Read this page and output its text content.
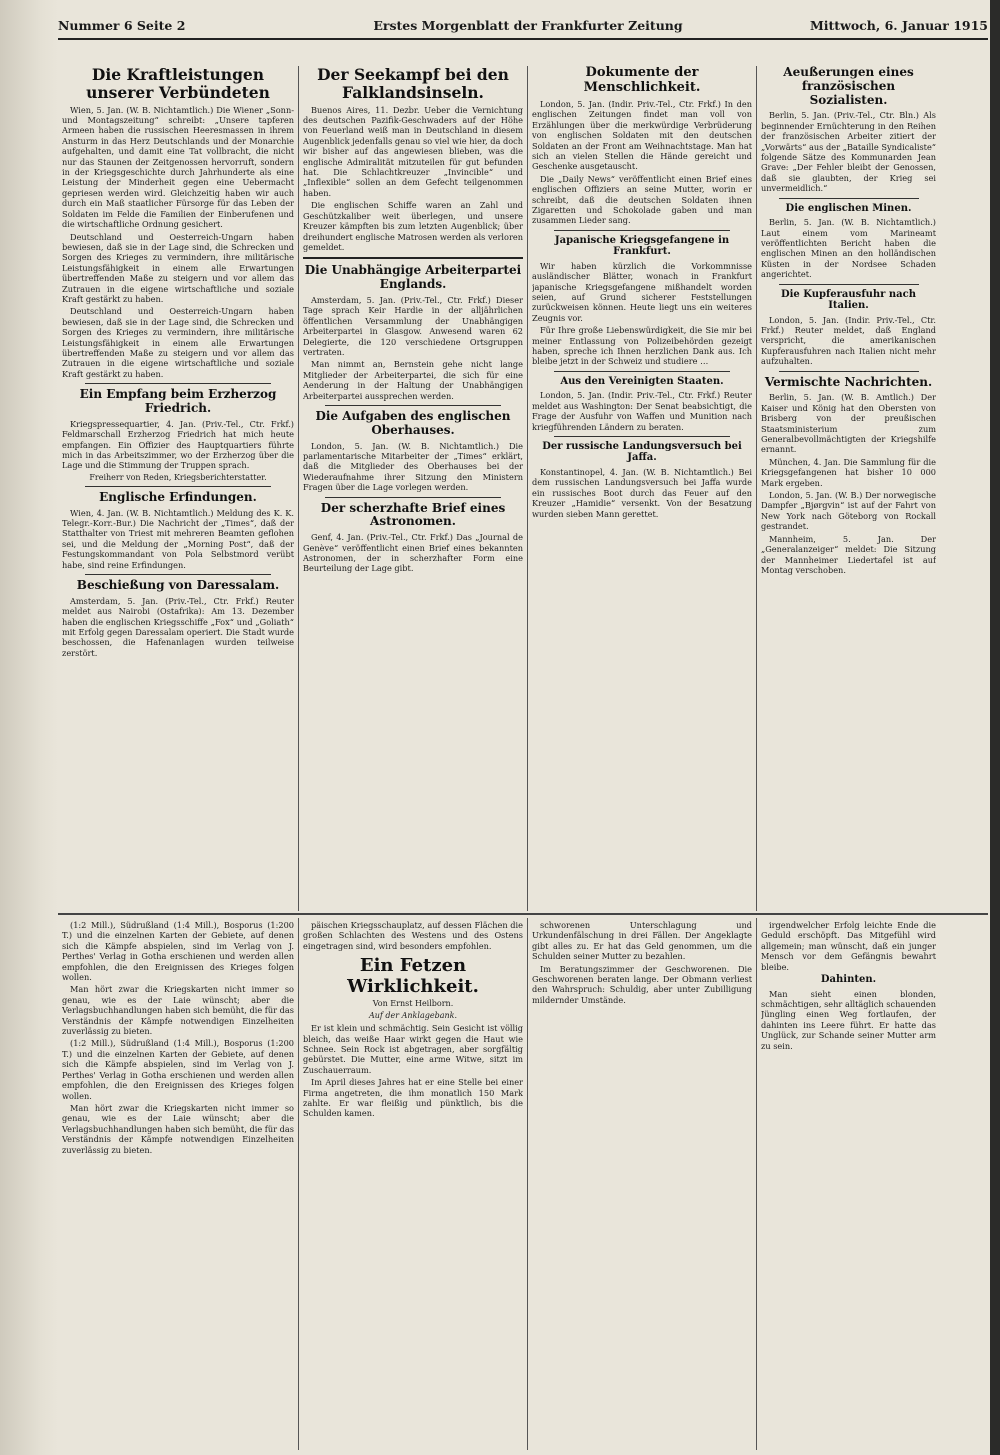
Nummer 6 Seite 2	Erstes Morgenblatt der Frankfurter Zeitung	Mittwoch, 6. Januar 1915
Die Kraftleistungen unserer Verbündeten

Wien, 5. Jan. (W. B. Nichtamtlich.) Die Wiener „Sonn- und Montagszeitung“ schreibt: „Unsere tapferen Armeen haben die russischen Heeresmassen in ihrem Ansturm in das Herz Deutschlands und der Monarchie aufgehalten, und damit eine Tat vollbracht, die nicht nur das Staunen der Zeitgenossen hervorruft, sondern in der Kriegsgeschichte durch Jahrhunderte als eine Leistung der Minderheit gegen eine Uebermacht gepriesen werden wird. Gleichzeitig haben wir auch durch ein Maß staatlicher Fürsorge für das Leben der Soldaten im Felde die Familien der Einberufenen und die wirtschaftliche Ordnung gesichert.

Deutschland und Oesterreich-Ungarn haben bewiesen, daß sie in der Lage sind, die Schrecken und Sorgen des Krieges zu vermindern, ihre militärische Leistungsfähigkeit in einem alle Erwartungen übertreffenden Maße zu steigern und vor allem das Zutrauen in die eigene wirtschaftliche und soziale Kraft gestärkt zu haben.

Deutschland und Oesterreich-Ungarn haben bewiesen, daß sie in der Lage sind, die Schrecken und Sorgen des Krieges zu vermindern, ihre militärische Leistungsfähigkeit in einem alle Erwartungen übertreffenden Maße zu steigern und vor allem das Zutrauen in die eigene wirtschaftliche und soziale Kraft gestärkt zu haben.

Ein Empfang beim Erzherzog Friedrich.

Kriegspressequartier, 4. Jan. (Priv.-Tel., Ctr. Frkf.) Feldmarschall Erzherzog Friedrich hat mich heute empfangen. Ein Offizier des Hauptquartiers führte mich in das Arbeitszimmer, wo der Erzherzog über die Lage und die Stimmung der Truppen sprach.

Freiherr von Reden, Kriegsberichterstatter.
Englische Erfindungen.

Wien, 4. Jan. (W. B. Nichtamtlich.) Meldung des K. K. Telegr.-Korr.-Bur.) Die Nachricht der „Times“, daß der Statthalter von Triest mit mehreren Beamten geflohen sei, und die Meldung der „Morning Post“, daß der Festungskommandant von Pola Selbstmord verübt habe, sind reine Erfindungen.

Beschießung von Daressalam.

Amsterdam, 5. Jan. (Priv.-Tel., Ctr. Frkf.) Reuter meldet aus Nairobi (Ostafrika): Am 13. Dezember haben die englischen Kriegsschiffe „Fox“ und „Goliath“ mit Erfolg gegen Daressalam operiert. Die Stadt wurde beschossen, die Hafenanlagen wurden teilweise zerstört.

Der Seekampf bei den Falklandsinseln.

Buenos Aires, 11. Dezbr. Ueber die Vernichtung des deutschen Pazifik-Geschwaders auf der Höhe von Feuerland weiß man in Deutschland in diesem Augenblick jedenfalls genau so viel wie hier, da doch wir bisher auf das angewiesen blieben, was die englische Admiralität mitzuteilen für gut befunden hat. Die Schlachtkreuzer „Invincible“ und „Inflexible“ sollen an dem Gefecht teilgenommen haben.

Die englischen Schiffe waren an Zahl und Geschützkaliber weit überlegen, und unsere Kreuzer kämpften bis zum letzten Augenblick; über dreihundert englische Matrosen werden als verloren gemeldet.

Die Unabhängige Arbeiterpartei Englands.

Amsterdam, 5. Jan. (Priv.-Tel., Ctr. Frkf.) Dieser Tage sprach Keir Hardie in der alljährlichen öffentlichen Versammlung der Unabhängigen Arbeiterpartei in Glasgow. Anwesend waren 62 Delegierte, die 120 verschiedene Ortsgruppen vertraten.

Man nimmt an, Bernstein gehe nicht lange Mitglieder der Arbeiterpartei, die sich für eine Aenderung in der Haltung der Unabhängigen Arbeiterpartei aussprechen werden.

Die Aufgaben des englischen Oberhauses.

London, 5. Jan. (W. B. Nichtamtlich.) Die parlamentarische Mitarbeiter der „Times“ erklärt, daß die Mitglieder des Oberhauses bei der Wiederaufnahme ihrer Sitzung den Ministern Fragen über die Lage vorlegen werden.

Der scherzhafte Brief eines Astronomen.

Genf, 4. Jan. (Priv.-Tel., Ctr. Frkf.) Das „Journal de Genève“ veröffentlicht einen Brief eines bekannten Astronomen, der in scherzhafter Form eine Beurteilung der Lage gibt.

Dokumente der Menschlichkeit.

London, 5. Jan. (Indir. Priv.-Tel., Ctr. Frkf.) In den englischen Zeitungen findet man voll von Erzählungen über die merkwürdige Verbrüderung von englischen Soldaten mit den deutschen Soldaten an der Front am Weihnachtstage. Man hat sich an vielen Stellen die Hände gereicht und Geschenke ausgetauscht.

Die „Daily News“ veröffentlicht einen Brief eines englischen Offiziers an seine Mutter, worin er schreibt, daß die deutschen Soldaten ihnen Zigaretten und Schokolade gaben und man zusammen Lieder sang.

Japanische Kriegsgefangene in Frankfurt.

Wir haben kürzlich die Vorkommnisse ausländischer Blätter, wonach in Frankfurt japanische Kriegsgefangene mißhandelt worden seien, auf Grund sicherer Feststellungen zurückweisen können. Heute liegt uns ein weiteres Zeugnis vor.

Für Ihre große Liebenswürdigkeit, die Sie mir bei meiner Entlassung von Polizeibehörden gezeigt haben, spreche ich Ihnen herzlichen Dank aus. Ich bleibe jetzt in der Schweiz und studiere …

Aus den Vereinigten Staaten.

London, 5. Jan. (Indir. Priv.-Tel., Ctr. Frkf.) Reuter meldet aus Washington: Der Senat beabsichtigt, die Frage der Ausfuhr von Waffen und Munition nach kriegführenden Ländern zu beraten.

Der russische Landungsversuch bei Jaffa.

Konstantinopel, 4. Jan. (W. B. Nichtamtlich.) Bei dem russischen Landungsversuch bei Jaffa wurde ein russisches Boot durch das Feuer auf den Kreuzer „Hamidie“ versenkt. Von der Besatzung wurden sieben Mann gerettet.

Aeußerungen eines französischen Sozialisten.

Berlin, 5. Jan. (Priv.-Tel., Ctr. Bln.) Als beginnender Ernüchterung in den Reihen der französischen Arbeiter zitiert der „Vorwärts“ aus der „Bataille Syndicaliste“ folgende Sätze des Kommunarden Jean Grave: „Der Fehler bleibt der Genossen, daß sie glaubten, der Krieg sei unvermeidlich.“

Die englischen Minen.

Berlin, 5. Jan. (W. B. Nichtamtlich.) Laut einem vom Marineamt veröffentlichten Bericht haben die englischen Minen an den holländischen Küsten in der Nordsee Schaden angerichtet.

Die Kupferausfuhr nach Italien.

London, 5. Jan. (Indir. Priv.-Tel., Ctr. Frkf.) Reuter meldet, daß England verspricht, die amerikanischen Kupferausfuhren nach Italien nicht mehr aufzuhalten.

Vermischte Nachrichten.

Berlin, 5. Jan. (W. B. Amtlich.) Der Kaiser und König hat den Obersten von Brisberg von der preußischen Staatsministerium zum Generalbevollmächtigten der Kriegshilfe ernannt.

München, 4. Jan. Die Sammlung für die Kriegsgefangenen hat bisher 10 000 Mark ergeben.

London, 5. Jan. (W. B.) Der norwegische Dampfer „Bjørgvin“ ist auf der Fahrt von New York nach Göteborg von Rockall gestrandet.

Mannheim, 5. Jan. Der „Generalanzeiger“ meldet: Die Sitzung der Mannheimer Liedertafel ist auf Montag verschoben.

(1:2 Mill.), Südrußland (1:4 Mill.), Bosporus (1:200 T.) und die einzelnen Karten der Gebiete, auf denen sich die Kämpfe abspielen, sind im Verlag von J. Perthes' Verlag in Gotha erschienen und werden allen empfohlen, die den Ereignissen des Krieges folgen wollen.

Man hört zwar die Kriegskarten nicht immer so genau, wie es der Laie wünscht; aber die Verlagsbuchhandlungen haben sich bemüht, die für das Verständnis der Kämpfe notwendigen Einzelheiten zuverlässig zu bieten.

(1:2 Mill.), Südrußland (1:4 Mill.), Bosporus (1:200 T.) und die einzelnen Karten der Gebiete, auf denen sich die Kämpfe abspielen, sind im Verlag von J. Perthes' Verlag in Gotha erschienen und werden allen empfohlen, die den Ereignissen des Krieges folgen wollen.

Man hört zwar die Kriegskarten nicht immer so genau, wie es der Laie wünscht; aber die Verlagsbuchhandlungen haben sich bemüht, die für das Verständnis der Kämpfe notwendigen Einzelheiten zuverlässig zu bieten.

päischen Kriegsschauplatz, auf dessen Flächen die großen Schlachten des Westens und des Ostens eingetragen sind, wird besonders empfohlen.

Ein Fetzen Wirklichkeit.
Von Ernst Heilborn.
Auf der Anklagebank.

Er ist klein und schmächtig. Sein Gesicht ist völlig bleich, das weiße Haar wirkt gegen die Haut wie Schnee. Sein Rock ist abgetragen, aber sorgfältig gebürstet. Die Mutter, eine arme Witwe, sitzt im Zuschauerraum.

Im April dieses Jahres hat er eine Stelle bei einer Firma angetreten, die ihm monatlich 150 Mark zahlte. Er war fleißig und pünktlich, bis die Schulden kamen.

schworenen Unterschlagung und Urkundenfälschung in drei Fällen. Der Angeklagte gibt alles zu. Er hat das Geld genommen, um die Schulden seiner Mutter zu bezahlen.

Im Beratungszimmer der Geschworenen. Die Geschworenen beraten lange. Der Obmann verliest den Wahrspruch: Schuldig, aber unter Zubilligung mildernder Umstände.

irgendwelcher Erfolg leichte Ende die Geduld erschöpft. Das Mitgefühl wird allgemein; man wünscht, daß ein junger Mensch vor dem Gefängnis bewahrt bleibe.

Dahinten.

Man sieht einen blonden, schmächtigen, sehr alltäglich schauenden Jüngling einen Weg fortlaufen, der dahinten ins Leere führt. Er hatte das Unglück, zur Schande seiner Mutter arm zu sein.
